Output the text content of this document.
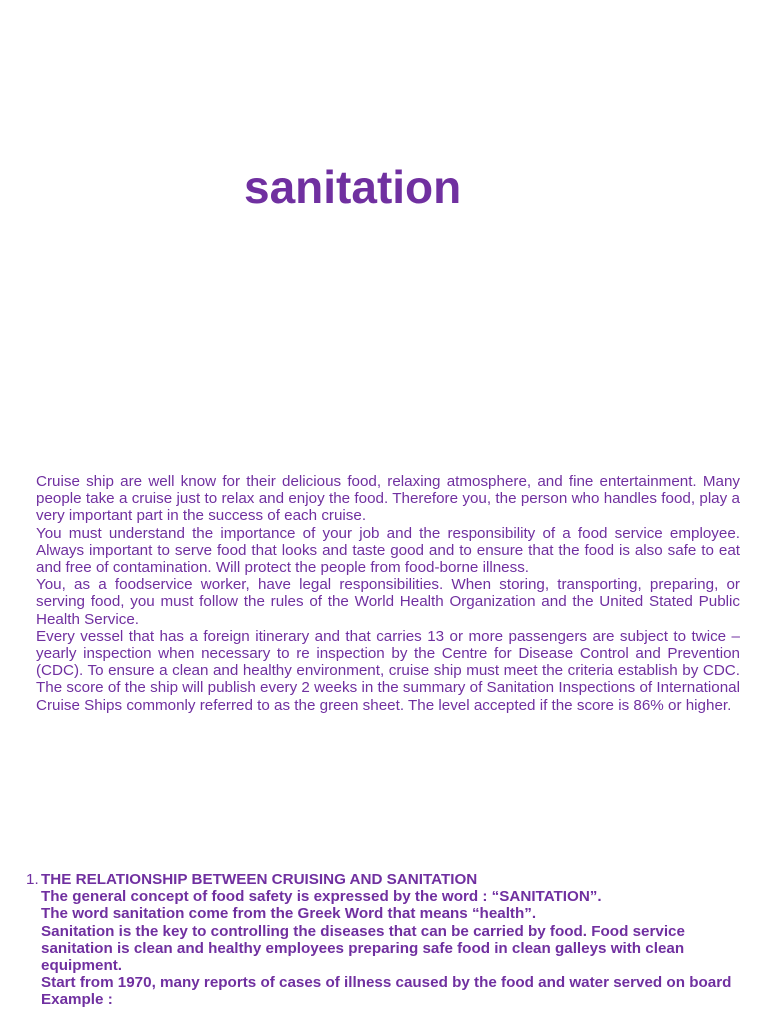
sanitation

Cruise ship are well know for their delicious food, relaxing atmosphere, and fine entertainment. Many people take a cruise just to relax and enjoy the food. Therefore you, the person who handles food, play a very important part in the success of each cruise.

You must understand the importance of your job and the responsibility of a food service employee. Always important to serve food that looks and taste good and to ensure that the food is also safe to eat and free of contamination. Will protect the people from food-borne illness.

You, as a foodservice worker, have legal responsibilities. When storing, transporting, preparing, or serving food, you must follow the rules of the World Health Organization and the United Stated Public Health Service.

Every vessel that has a foreign itinerary and that carries 13 or more passengers are subject to twice – yearly inspection when necessary to re inspection by the Centre for Disease Control and Prevention (CDC). To ensure a clean and healthy environment, cruise ship must meet the criteria establish by CDC. The score of the ship will publish every 2 weeks in the summary of Sanitation Inspections of International Cruise Ships commonly referred to as the green sheet. The level accepted if the score is 86% or higher.

1. THE RELATIONSHIP BETWEEN CRUISING AND SANITATION

The general concept of food safety is expressed by the word : “SANITATION”.

The word sanitation come from the Greek Word that means “health”.

Sanitation is the key to controlling the diseases that can be carried by food. Food service sanitation is clean and healthy employees preparing safe food in clean galleys with clean equipment.

Start from 1970, many reports of cases of illness caused by the food and water served on board

Example :
